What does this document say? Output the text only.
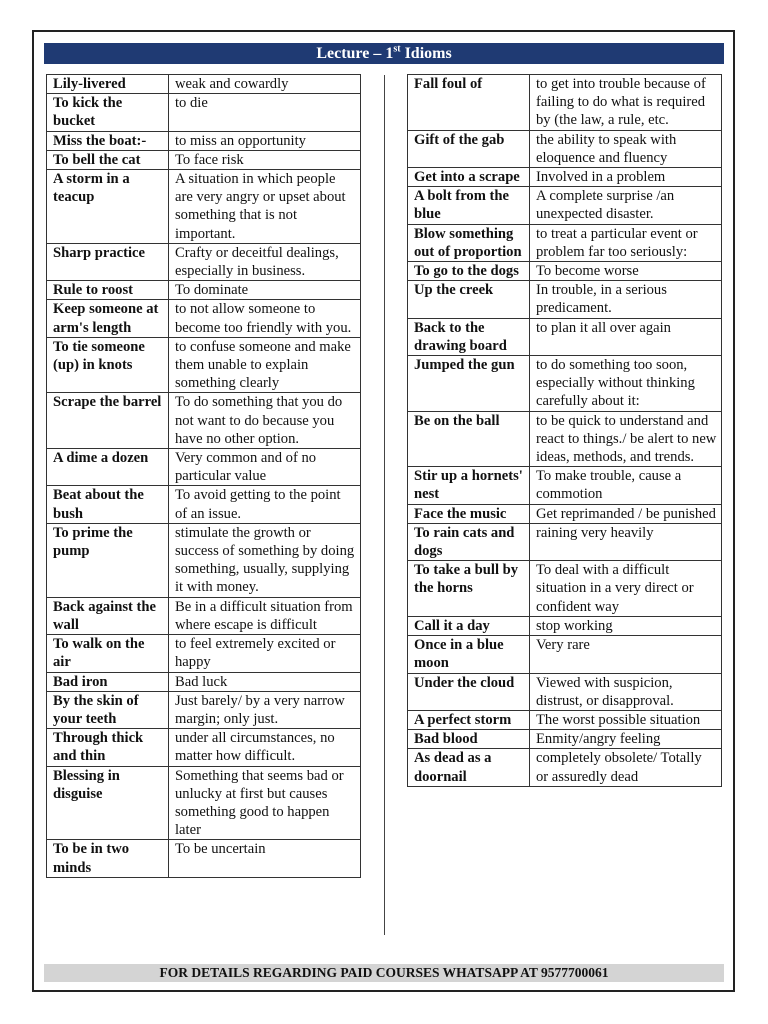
Lecture – 1st Idioms
Lily-livered	weak and cowardly
To kick the bucket	to die
Miss the boat:-	to miss an opportunity
To bell the cat	To face risk
A storm in a teacup	A situation in which people are very angry or upset about something that is not important.
Sharp practice	Crafty or deceitful dealings, especially in business.
Rule to roost	To dominate
Keep someone at arm's length	to not allow someone to become too friendly with you.
To tie someone (up) in knots	to confuse someone and make them unable to explain something clearly
Scrape the barrel	To do something that you do not want to do because you have no other option.
A dime a dozen	Very common and of no particular value
Beat about the bush	To avoid getting to the point of an issue.
To prime the pump	stimulate the growth or success of something by doing something, usually, supplying it with money.
Back against the wall	Be in a difficult situation from where escape is difficult
To walk on the air	to feel extremely excited or happy
Bad iron	Bad luck
By the skin of your teeth	Just barely/ by a very narrow margin; only just.
Through thick and thin	under all circumstances, no matter how difficult.
Blessing in disguise	Something that seems bad or unlucky at first but causes something good to happen later
To be in two minds	To be uncertain
Fall foul of	to get into trouble because of failing to do what is required by (the law, a rule, etc.
Gift of the gab	the ability to speak with eloquence and fluency
Get into a scrape	Involved in a problem
A bolt from the blue	A complete surprise /an unexpected disaster.
Blow something out of proportion	to treat a particular event or problem far too seriously:
To go to the dogs	To become worse
Up the creek	In trouble, in a serious predicament.
Back to the drawing board	to plan it all over again
Jumped the gun	to do something too soon, especially without thinking carefully about it:
Be on the ball	to be quick to understand and react to things./ be alert to new ideas, methods, and trends.
Stir up a hornets' nest	To make trouble, cause a commotion
Face the music	Get reprimanded / be punished
To rain cats and dogs	raining very heavily
To take a bull by the horns	To deal with a difficult situation in a very direct or confident way
Call it a day	stop working
Once in a blue moon	Very rare
Under the cloud	Viewed with suspicion, distrust, or disapproval.
A perfect storm	The worst possible situation
Bad blood	Enmity/angry feeling
As dead as a doornail	completely obsolete/ Totally or assuredly dead
FOR DETAILS REGARDING PAID COURSES WHATSAPP AT 9577700061
